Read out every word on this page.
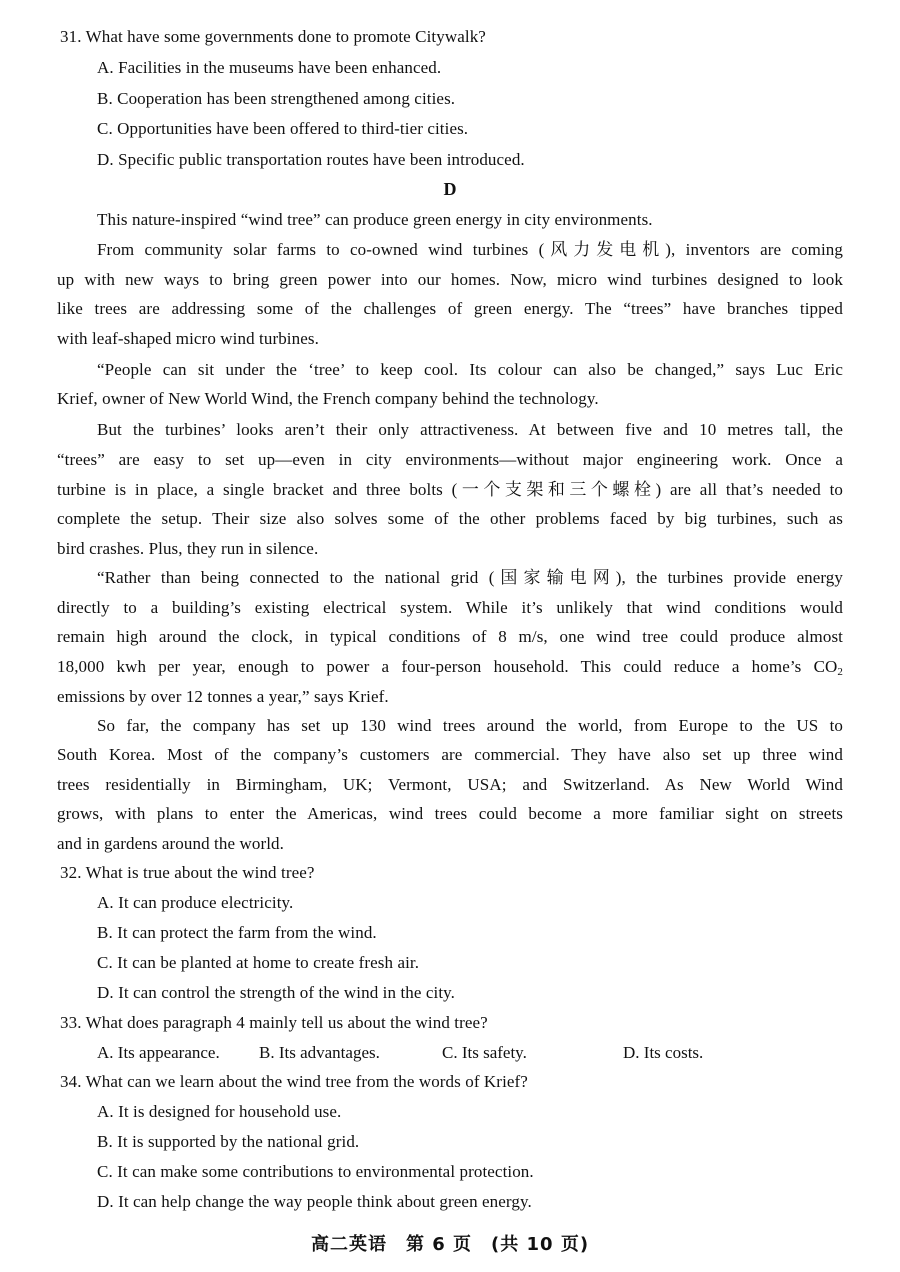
31. What have some governments done to promote Citywalk?
A. Facilities in the museums have been enhanced.
B. Cooperation has been strengthened among cities.
C. Opportunities have been offered to third-tier cities.
D. Specific public transportation routes have been introduced.
D
This nature-inspired “wind tree” can produce green energy in city environments.
From community solar farms to co-owned wind turbines (风力发电机), inventors are coming
up with new ways to bring green power into our homes. Now, micro wind turbines designed to look
like trees are addressing some of the challenges of green energy. The “trees” have branches tipped
with leaf-shaped micro wind turbines.
“People can sit under the ‘tree’ to keep cool. Its colour can also be changed,” says Luc Eric
Krief, owner of New World Wind, the French company behind the technology.
But the turbines’ looks aren’t their only attractiveness. At between five and 10 metres tall, the
“trees” are easy to set up—even in city environments—without major engineering work. Once a
turbine is in place, a single bracket and three bolts (一个支架和三个螺栓) are all that’s needed to
complete the setup. Their size also solves some of the other problems faced by big turbines, such as
bird crashes. Plus, they run in silence.
“Rather than being connected to the national grid (国家输电网), the turbines provide energy
directly to a building’s existing electrical system. While it’s unlikely that wind conditions would
remain high around the clock, in typical conditions of 8 m/s, one wind tree could produce almost
18,000 kwh per year, enough to power a four-person household. This could reduce a home’s $CO_2$
emissions by over 12 tonnes a year,” says Krief.
So far, the company has set up 130 wind trees around the world, from Europe to the US to
South Korea. Most of the company’s customers are commercial. They have also set up three wind
trees residentially in Birmingham, UK; Vermont, USA; and Switzerland. As New World Wind
grows, with plans to enter the Americas, wind trees could become a more familiar sight on streets
and in gardens around the world.
32. What is true about the wind tree?
A. It can produce electricity.
B. It can protect the farm from the wind.
C. It can be planted at home to create fresh air.
D. It can control the strength of the wind in the city.
33. What does paragraph 4 mainly tell us about the wind tree?
A. Its appearance. B. Its advantages.	C. Its safety.	D. Its costs.
34. What can we learn about the wind tree from the words of Krief?
A. It is designed for household use.
B. It is supported by the national grid.
C. It can make some contributions to environmental protection.
D. It can help change the way people think about green energy.
高二英语　第 6 页　(共 10 页)
